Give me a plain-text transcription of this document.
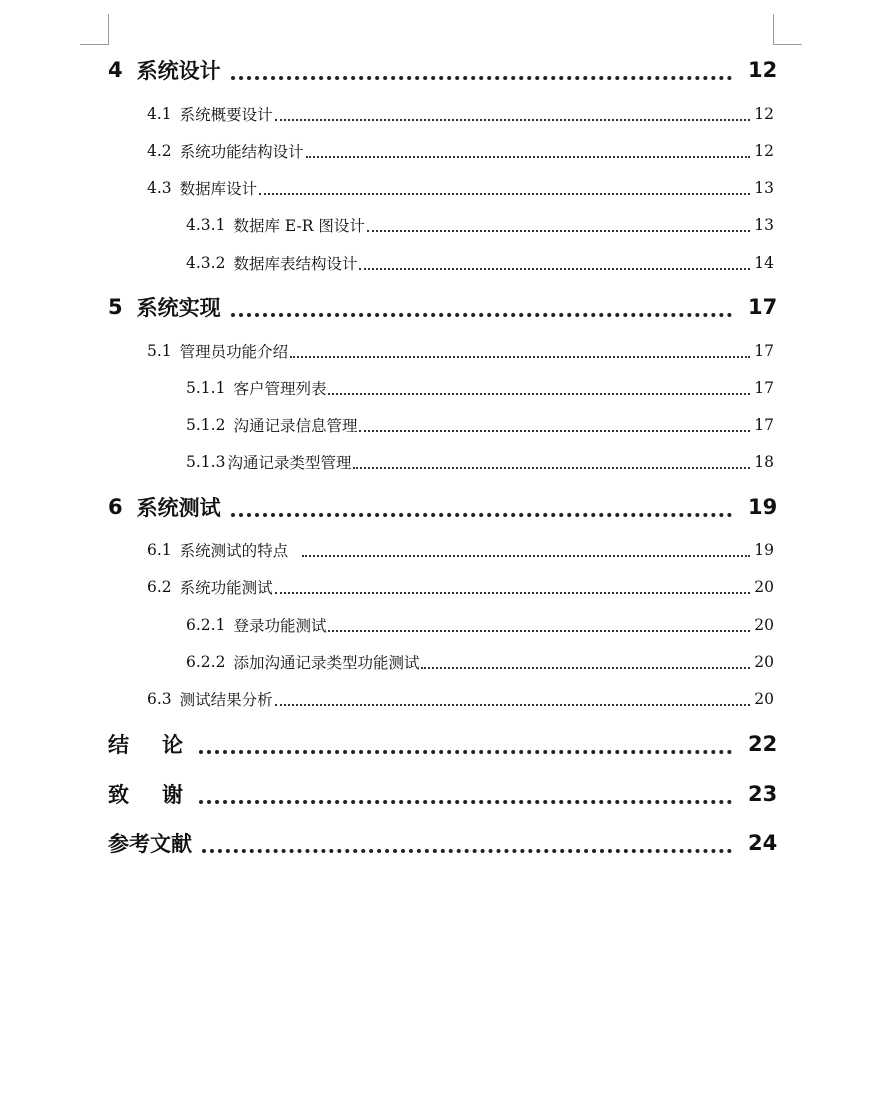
4 系统设计	12
4.1 系统概要设计	12
4.2 系统功能结构设计	12
4.3 数据库设计	13
4.3.1 数据库 E-R 图设计	13
4.3.2 数据库表结构设计	14
5 系统实现	17
5.1 管理员功能介绍	17
5.1.1 客户管理列表	17
5.1.2 沟通记录信息管理	17
5.1.3 沟通记录类型管理	18
6 系统测试	19
6.1 系统测试的特点	19
6.2 系统功能测试	20
6.2.1 登录功能测试	20
6.2.2 添加沟通记录类型功能测试	20
6.3 测试结果分析	20
结　论	22
致　谢	23
参考文献	24
